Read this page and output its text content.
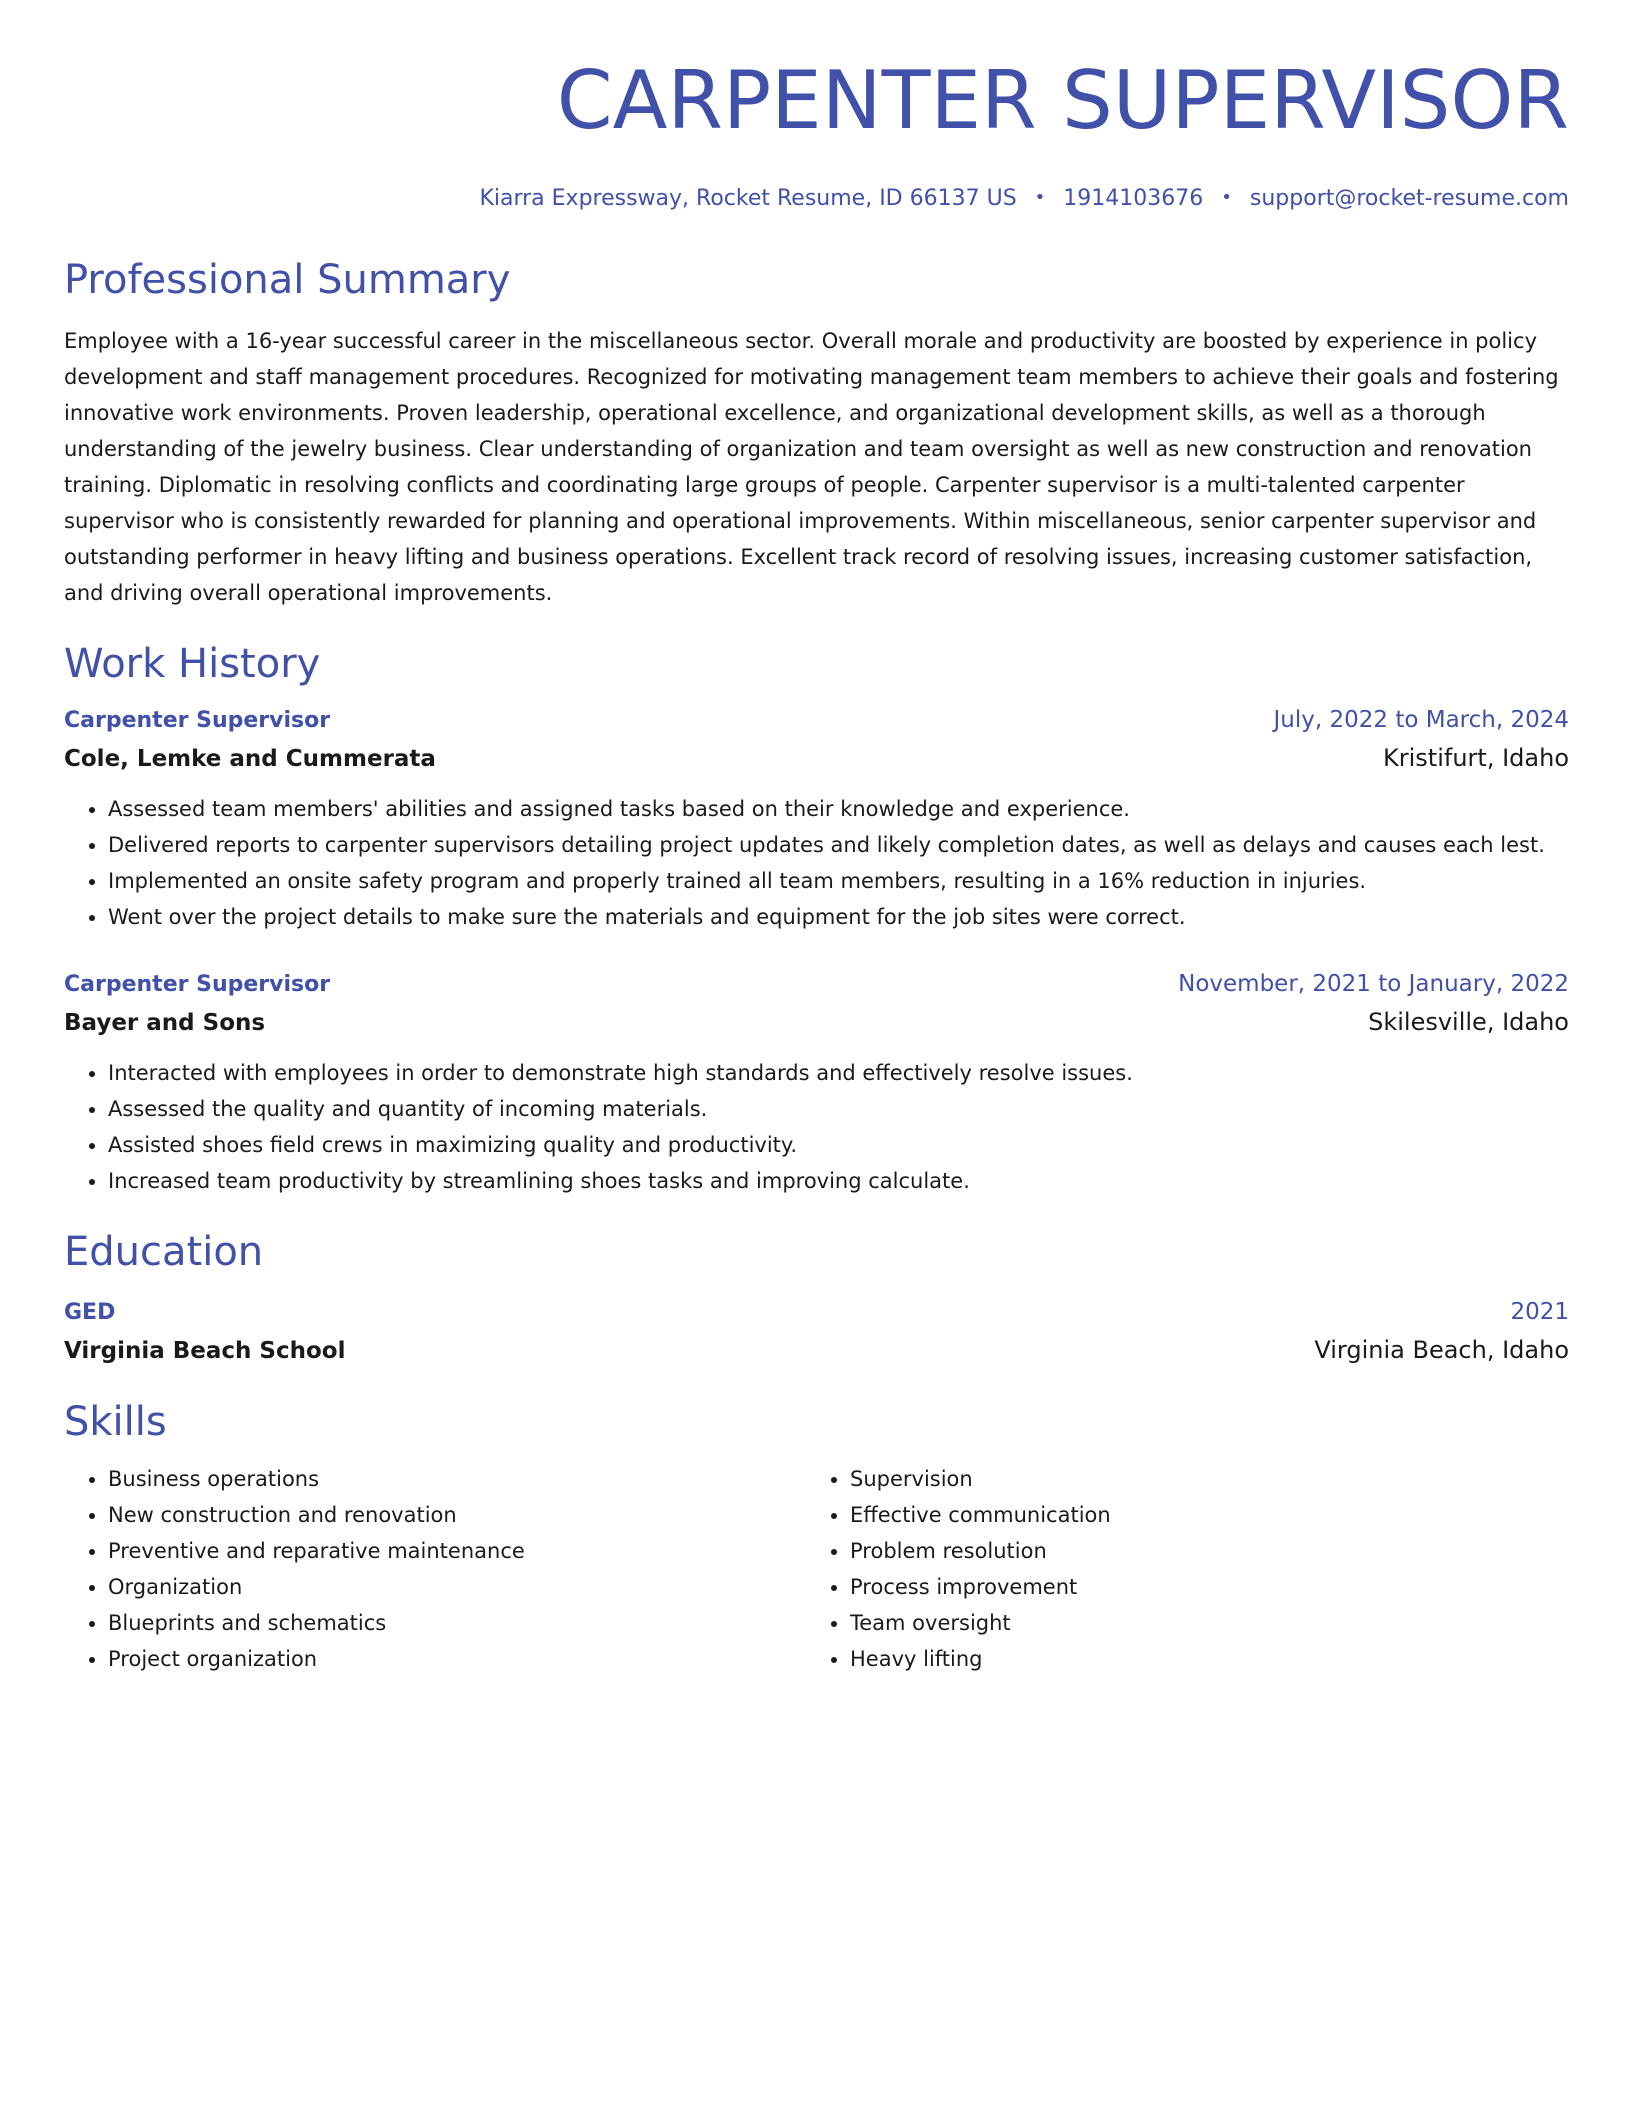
CARPENTER SUPERVISOR
Kiarra Expressway, Rocket Resume, ID 66137 US • 1914103676 • support@rocket-resume.com
Professional Summary
Employee with a 16-year successful career in the miscellaneous sector. Overall morale and productivity are boosted by experience in policy development and staff management procedures. Recognized for motivating management team members to achieve their goals and fostering innovative work environments. Proven leadership, operational excellence, and organizational development skills, as well as a thorough understanding of the jewelry business. Clear understanding of organization and team oversight as well as new construction and renovation training. Diplomatic in resolving conflicts and coordinating large groups of people. Carpenter supervisor is a multi-talented carpenter supervisor who is consistently rewarded for planning and operational improvements. Within miscellaneous, senior carpenter supervisor and outstanding performer in heavy lifting and business operations. Excellent track record of resolving issues, increasing customer satisfaction, and driving overall operational improvements.
Work History
Carpenter Supervisor	July, 2022 to March, 2024
Cole, Lemke and Cummerata	Kristifurt, Idaho
• Assessed team members' abilities and assigned tasks based on their knowledge and experience.
• Delivered reports to carpenter supervisors detailing project updates and likely completion dates, as well as delays and causes each lest.
• Implemented an onsite safety program and properly trained all team members, resulting in a 16% reduction in injuries.
• Went over the project details to make sure the materials and equipment for the job sites were correct.
Carpenter Supervisor	November, 2021 to January, 2022
Bayer and Sons	Skilesville, Idaho
• Interacted with employees in order to demonstrate high standards and effectively resolve issues.
• Assessed the quality and quantity of incoming materials.
• Assisted shoes field crews in maximizing quality and productivity.
• Increased team productivity by streamlining shoes tasks and improving calculate.
Education
GED	2021
Virginia Beach School	Virginia Beach, Idaho
Skills
• Business operations
• New construction and renovation
• Preventive and reparative maintenance
• Organization
• Blueprints and schematics
• Project organization
• Supervision
• Effective communication
• Problem resolution
• Process improvement
• Team oversight
• Heavy lifting
